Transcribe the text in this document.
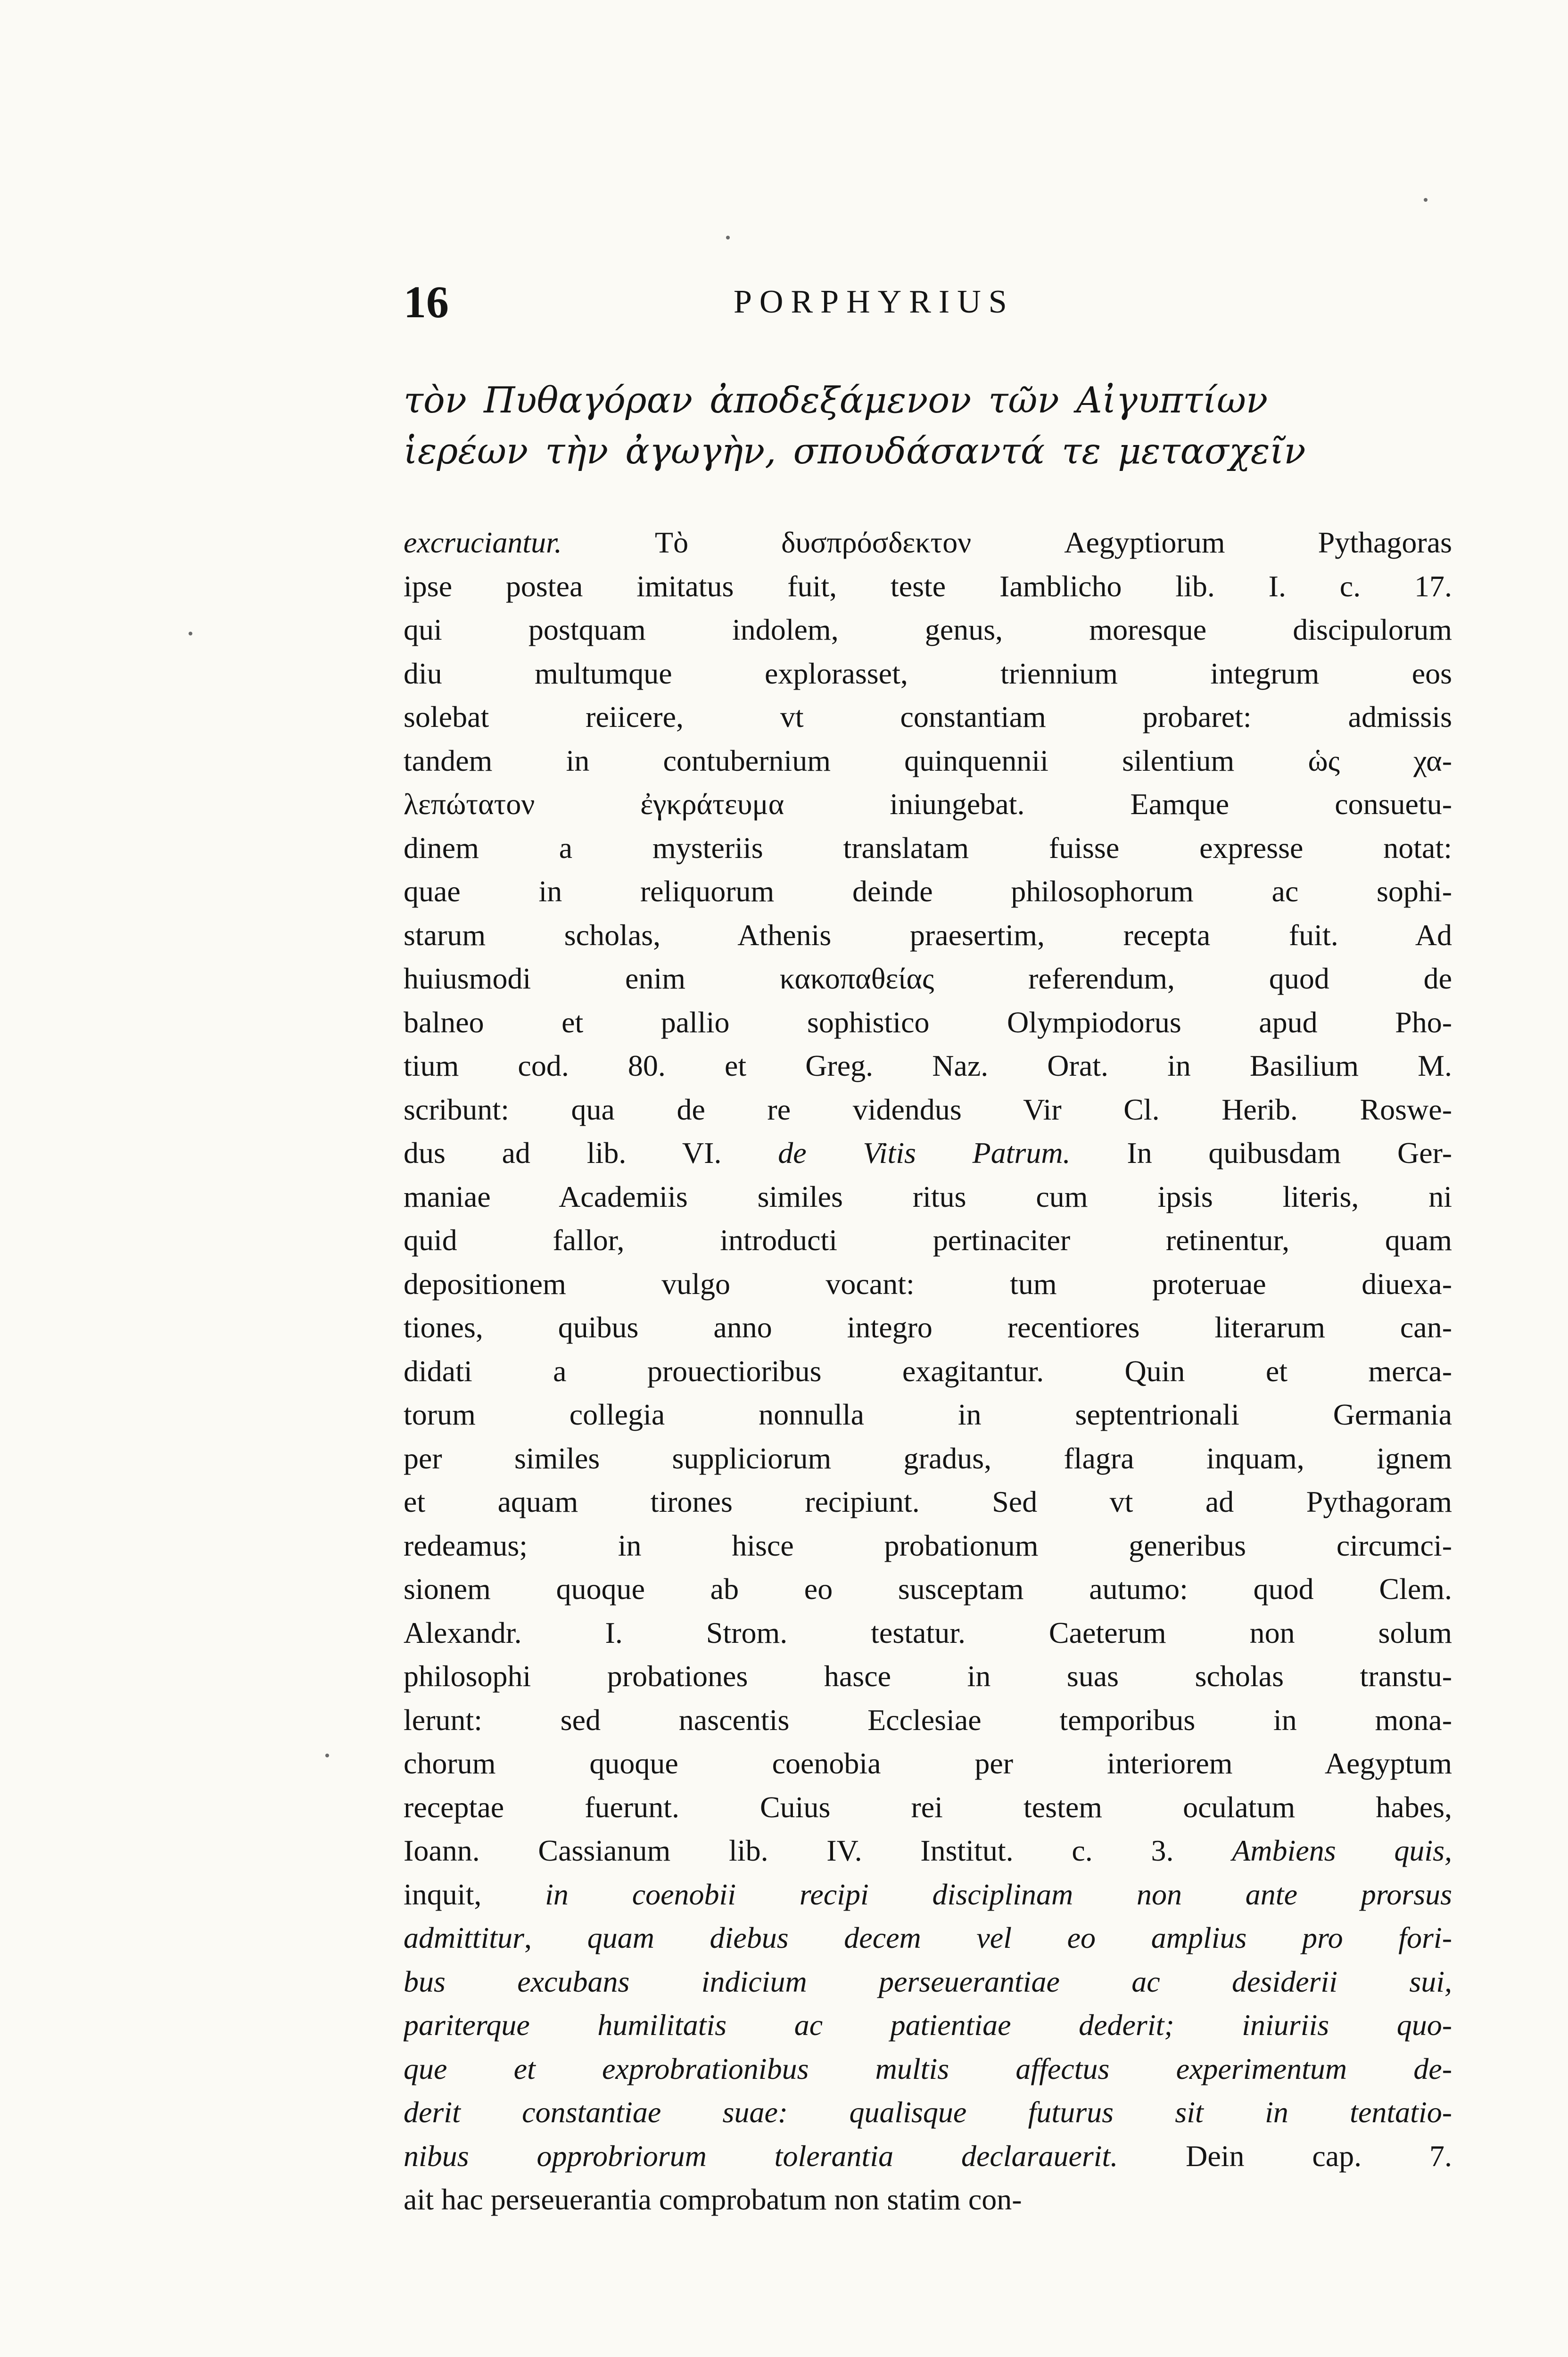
16	PORPHYRIUS
τὸν Πυθαγόραν ἀποδεξάμενον τῶν Αἰγυπτίων
ἱερέων τὴν ἀγωγὴν, σπουδάσαντά τε μετασχεῖν
excruciantur. Τὸ δυσπρόσδεκτον Aegyptiorum Pythagoras
ipse postea imitatus fuit, teste Iamblicho lib. I. c. 17.
qui postquam indolem, genus, moresque discipulorum
diu multumque explorasset, triennium integrum eos
solebat reiicere, vt constantiam probaret: admissis
tandem in contubernium quinquennii silentium ὡς χα-
λεπώτατον ἐγκράτευμα iniungebat. Eamque consuetu-
dinem a mysteriis translatam fuisse expresse notat:
quae in reliquorum deinde philosophorum ac sophi-
starum scholas, Athenis praesertim, recepta fuit. Ad
huiusmodi enim κακοπαθείας referendum, quod de
balneo et pallio sophistico Olympiodorus apud Pho-
tium cod. 80. et Greg. Naz. Orat. in Basilium M.
scribunt: qua de re videndus Vir Cl. Herib. Roswe-
dus ad lib. VI. de Vitis Patrum. In quibusdam Ger-
maniae Academiis similes ritus cum ipsis literis, ni
quid fallor, introducti pertinaciter retinentur, quam
depositionem vulgo vocant: tum proteruae diuexa-
tiones, quibus anno integro recentiores literarum can-
didati a prouectioribus exagitantur. Quin et merca-
torum collegia nonnulla in septentrionali Germania
per similes suppliciorum gradus, flagra inquam, ignem
et aquam tirones recipiunt. Sed vt ad Pythagoram
redeamus; in hisce probationum generibus circumci-
sionem quoque ab eo susceptam autumo: quod Clem.
Alexandr. I. Strom. testatur. Caeterum non solum
philosophi probationes hasce in suas scholas transtu-
lerunt: sed nascentis Ecclesiae temporibus in mona-
chorum quoque coenobia per interiorem Aegyptum
receptae fuerunt. Cuius rei testem oculatum habes,
Ioann. Cassianum lib. IV. Institut. c. 3. Ambiens quis,
inquit, in coenobii recipi disciplinam non ante prorsus
admittitur, quam diebus decem vel eo amplius pro fori-
bus excubans indicium perseuerantiae ac desiderii sui,
pariterque humilitatis ac patientiae dederit; iniuriis quo-
que et exprobrationibus multis affectus experimentum de-
derit constantiae suae: qualisque futurus sit in tentatio-
nibus opprobriorum tolerantia declarauerit. Dein cap. 7.
ait hac perseuerantia comprobatum non statim con-
